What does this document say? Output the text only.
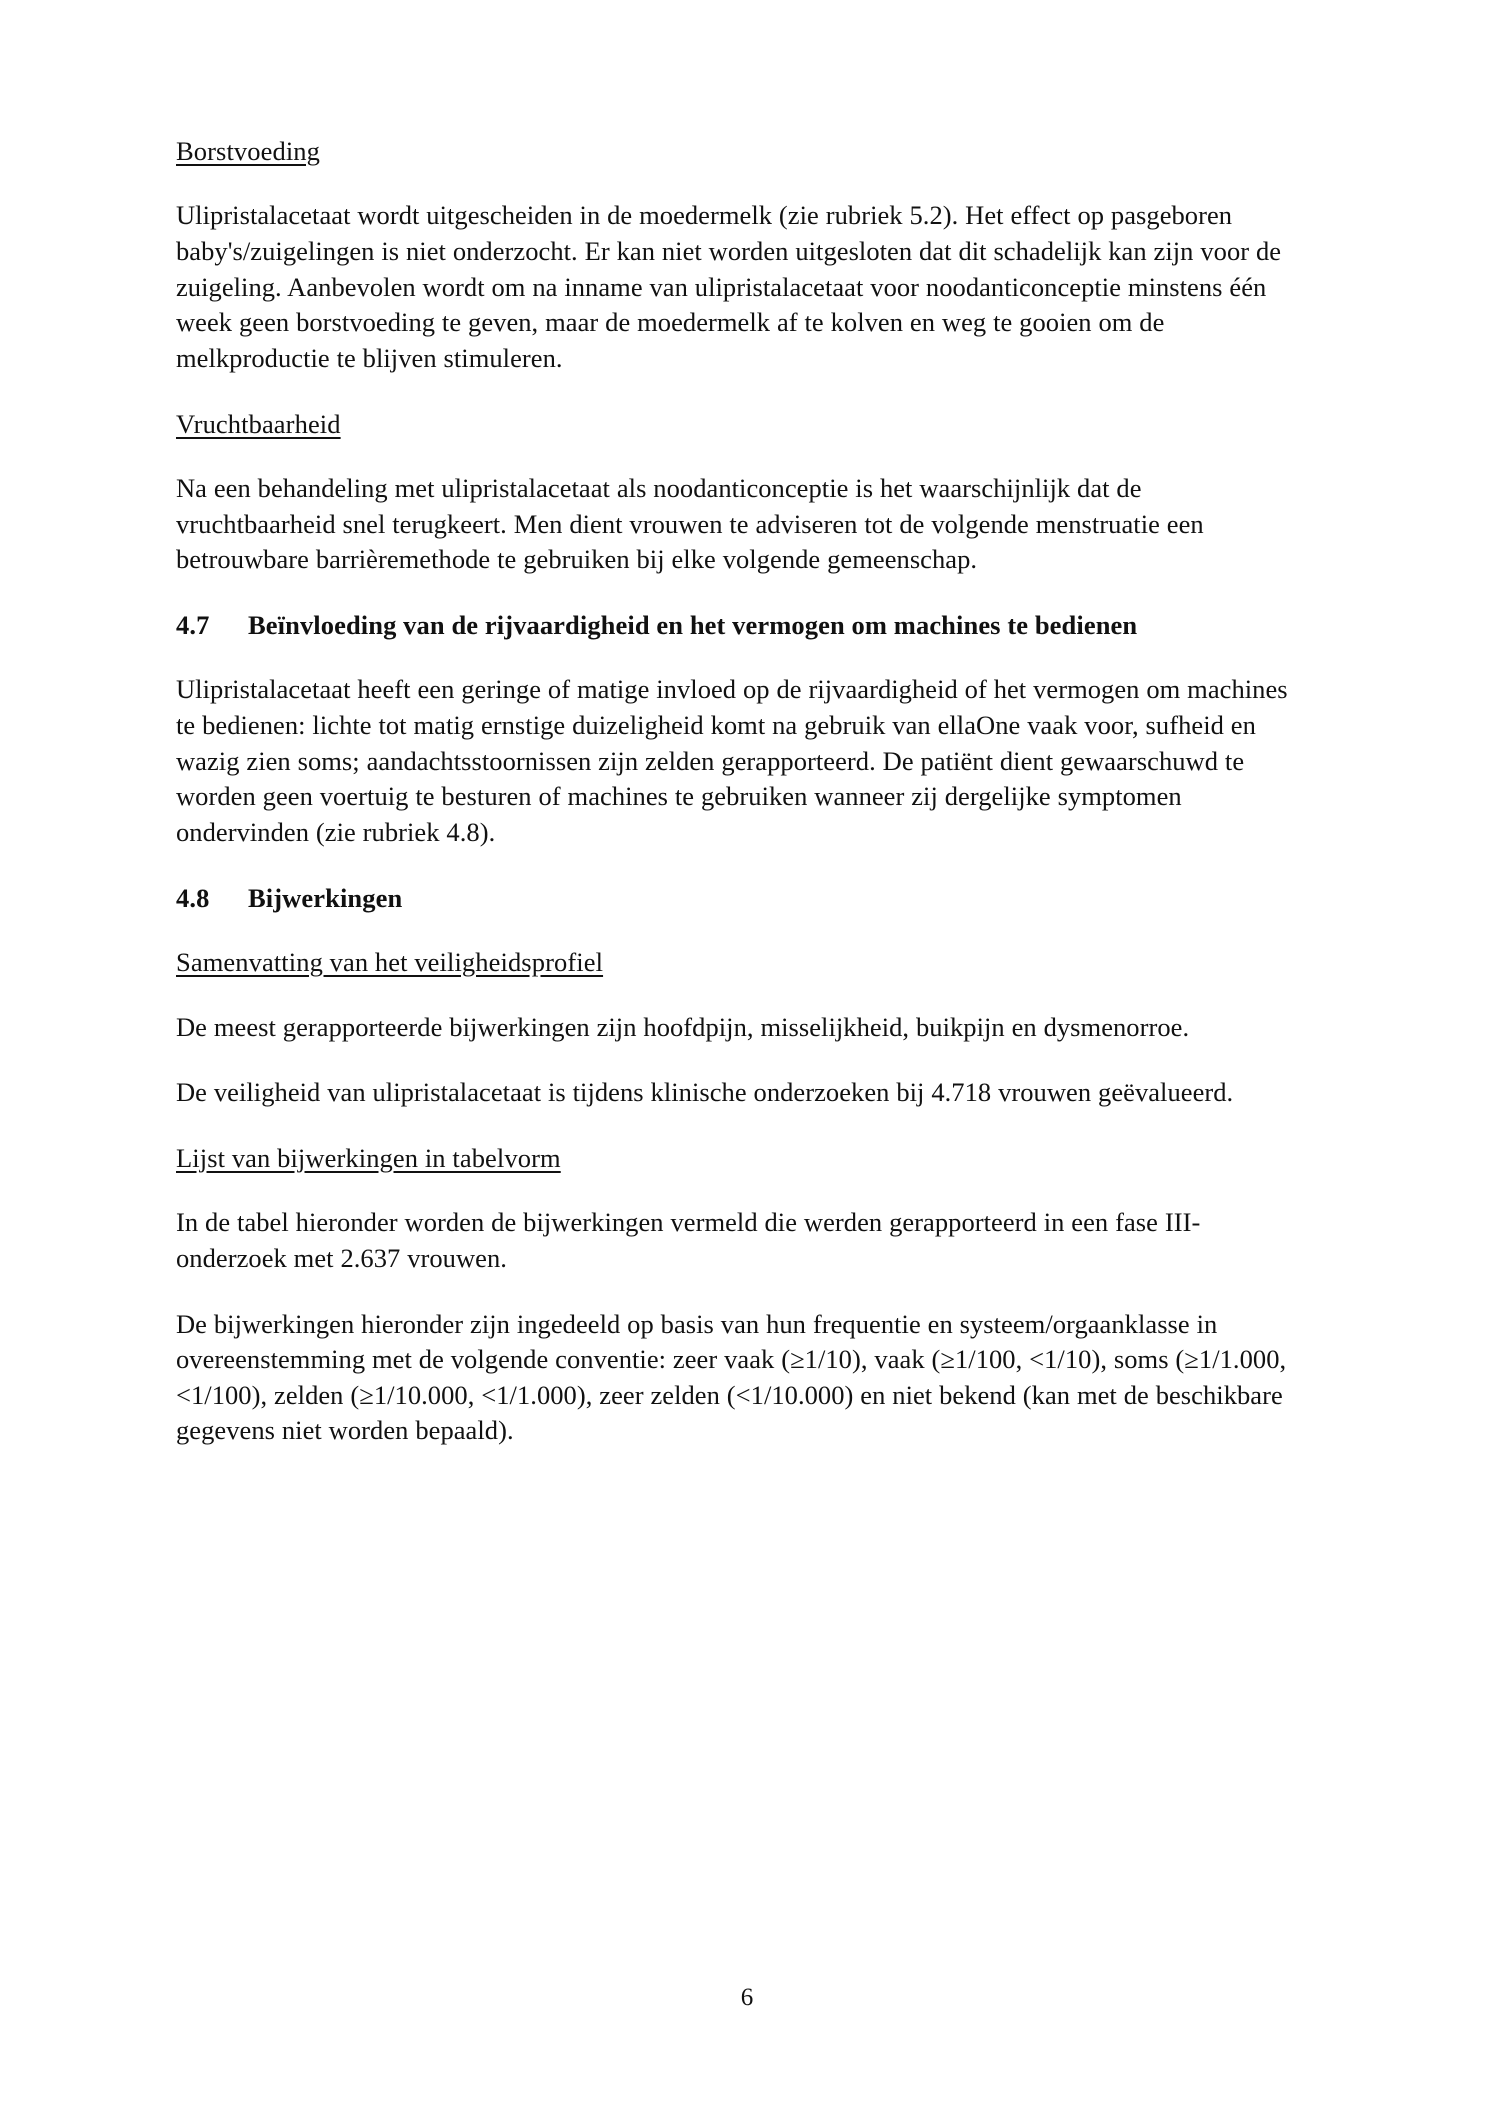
Borstvoeding

Ulipristalacetaat wordt uitgescheiden in de moedermelk (zie rubriek 5.2). Het effect op pasgeboren baby's/zuigelingen is niet onderzocht. Er kan niet worden uitgesloten dat dit schadelijk kan zijn voor de zuigeling. Aanbevolen wordt om na inname van ulipristalacetaat voor noodanticonceptie minstens één week geen borstvoeding te geven, maar de moedermelk af te kolven en weg te gooien om de melkproductie te blijven stimuleren.

Vruchtbaarheid

Na een behandeling met ulipristalacetaat als noodanticonceptie is het waarschijnlijk dat de vruchtbaarheid snel terugkeert. Men dient vrouwen te adviseren tot de volgende menstruatie een betrouwbare barrièremethode te gebruiken bij elke volgende gemeenschap.

4.7	Beïnvloeding van de rijvaardigheid en het vermogen om machines te bedienen

Ulipristalacetaat heeft een geringe of matige invloed op de rijvaardigheid of het vermogen om machines te bedienen: lichte tot matig ernstige duizeligheid komt na gebruik van ellaOne vaak voor, sufheid en wazig zien soms; aandachtsstoornissen zijn zelden gerapporteerd. De patiënt dient gewaarschuwd te worden geen voertuig te besturen of machines te gebruiken wanneer zij dergelijke symptomen ondervinden (zie rubriek 4.8).

4.8	Bijwerkingen
Samenvatting van het veiligheidsprofiel

De meest gerapporteerde bijwerkingen zijn hoofdpijn, misselijkheid, buikpijn en dysmenorroe.

De veiligheid van ulipristalacetaat is tijdens klinische onderzoeken bij 4.718 vrouwen geëvalueerd.

Lijst van bijwerkingen in tabelvorm

In de tabel hieronder worden de bijwerkingen vermeld die werden gerapporteerd in een fase III-onderzoek met 2.637 vrouwen.

De bijwerkingen hieronder zijn ingedeeld op basis van hun frequentie en systeem/orgaanklasse in overeenstemming met de volgende conventie: zeer vaak (≥1/10), vaak (≥1/100, <1/10), soms (≥1/1.000, <1/100), zelden (≥1/10.000, <1/1.000), zeer zelden (<1/10.000) en niet bekend (kan met de beschikbare gegevens niet worden bepaald).

6
